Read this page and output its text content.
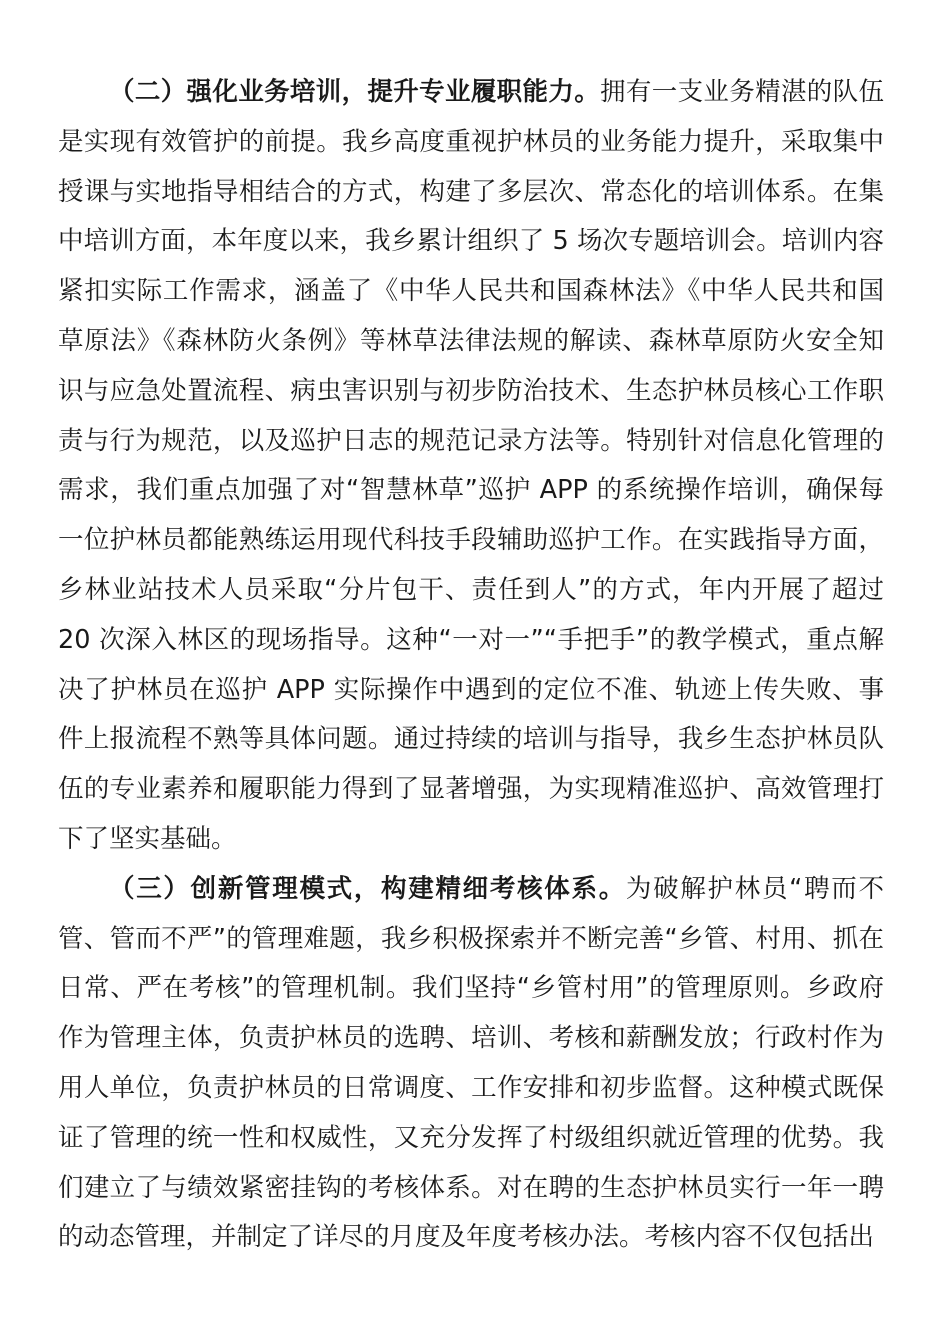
（二）强化业务培训，提升专业履职能力。拥有一支业务精湛的队伍是实现有效管护的前提。我乡高度重视护林员的业务能力提升，采取集中授课与实地指导相结合的方式，构建了多层次、常态化的培训体系。在集中培训方面，本年度以来，我乡累计组织了 5 场次专题培训会。培训内容紧扣实际工作需求，涵盖了《中华人民共和国森林法》《中华人民共和国草原法》《森林防火条例》等林草法律法规的解读、森林草原防火安全知识与应急处置流程、病虫害识别与初步防治技术、生态护林员核心工作职责与行为规范，以及巡护日志的规范记录方法等。特别针对信息化管理的需求，我们重点加强了对“智慧林草”巡护 APP 的系统操作培训，确保每一位护林员都能熟练运用现代科技手段辅助巡护工作。在实践指导方面，乡林业站技术人员采取“分片包干、责任到人”的方式，年内开展了超过 20 次深入林区的现场指导。这种“一对一”“手把手”的教学模式，重点解决了护林员在巡护 APP 实际操作中遇到的定位不准、轨迹上传失败、事件上报流程不熟等具体问题。通过持续的培训与指导，我乡生态护林员队伍的专业素养和履职能力得到了显著增强，为实现精准巡护、高效管理打下了坚实基础。

（三）创新管理模式，构建精细考核体系。为破解护林员“聘而不管、管而不严”的管理难题，我乡积极探索并不断完善“乡管、村用、抓在日常、严在考核”的管理机制。我们坚持“乡管村用”的管理原则。乡政府作为管理主体，负责护林员的选聘、培训、考核和薪酬发放；行政村作为用人单位，负责护林员的日常调度、工作安排和初步监督。这种模式既保证了管理的统一性和权威性，又充分发挥了村级组织就近管理的优势。我们建立了与绩效紧密挂钩的考核体系。对在聘的生态护林员实行一年一聘的动态管理，并制定了详尽的月度及年度考核办法。考核内容不仅包括出
